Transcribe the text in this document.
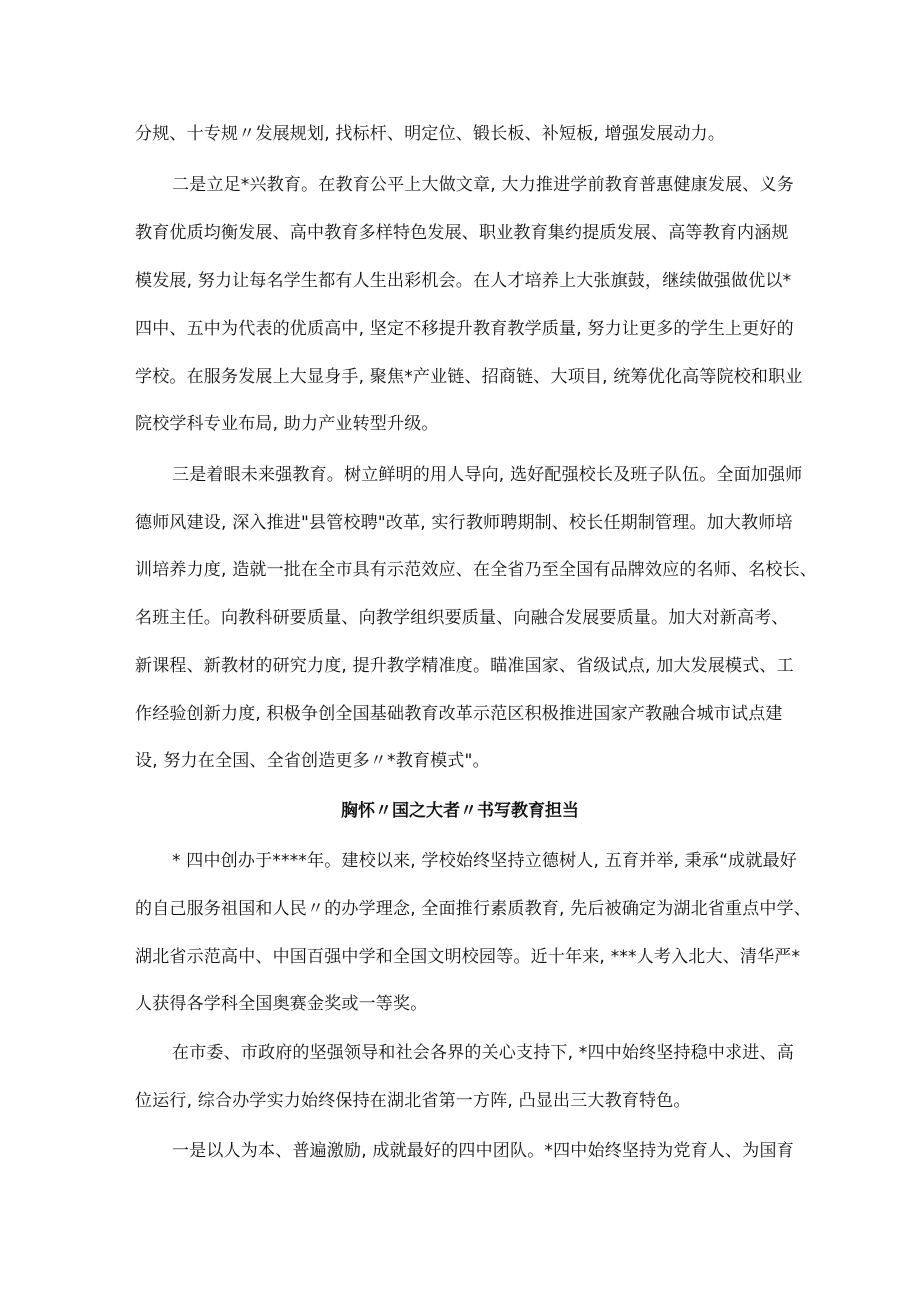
分规、十专规〃发展规划, 找标杆、明定位、锻长板、补短板, 增强发展动力。
二是立足*兴教育。在教育公平上大做文章, 大力推进学前教育普惠健康发展、义务
教育优质均衡发展、高中教育多样特色发展、职业教育集约提质发展、高等教育内涵规
模发展, 努力让每名学生都有人生出彩机会。在人才培养上大张旗鼓，继续做强做优以*
四中、五中为代表的优质高中, 坚定不移提升教育教学质量, 努力让更多的学生上更好的
学校。在服务发展上大显身手, 聚焦*产业链、招商链、大项目, 统筹优化高等院校和职业
院校学科专业布局, 助力产业转型升级。
三是着眼未来强教育。树立鲜明的用人导向, 选好配强校长及班子队伍。全面加强师
德师风建设, 深入推进"县管校聘"改革, 实行教师聘期制、校长任期制管理。加大教师培
训培养力度, 造就一批在全市具有示范效应、在全省乃至全国有品牌效应的名师、名校长、
名班主任。向教科研要质量、向教学组织要质量、向融合发展要质量。加大对新高考、
新课程、新教材的研究力度, 提升教学精准度。瞄准国家、省级试点, 加大发展模式、工
作经验创新力度, 积极争创全国基础教育改革示范区积极推进国家产教融合城市试点建
设, 努力在全国、全省创造更多〃*教育模式"。
胸怀〃国之大者〃书写教育担当
* 四中创办于****年。建校以来, 学校始终坚持立德树人, 五育并举, 秉承“成就最好
的自己服务祖国和人民〃的办学理念, 全面推行素质教育, 先后被确定为湖北省重点中学、
湖北省示范高中、中国百强中学和全国文明校园等。近十年来, ***人考入北大、清华严*
人获得各学科全国奥赛金奖或一等奖。
在市委、市政府的坚强领导和社会各界的关心支持下, *四中始终坚持稳中求进、高
位运行, 综合办学实力始终保持在湖北省第一方阵, 凸显出三大教育特色。
一是以人为本、普遍激励, 成就最好的四中团队。*四中始终坚持为党育人、为国育
